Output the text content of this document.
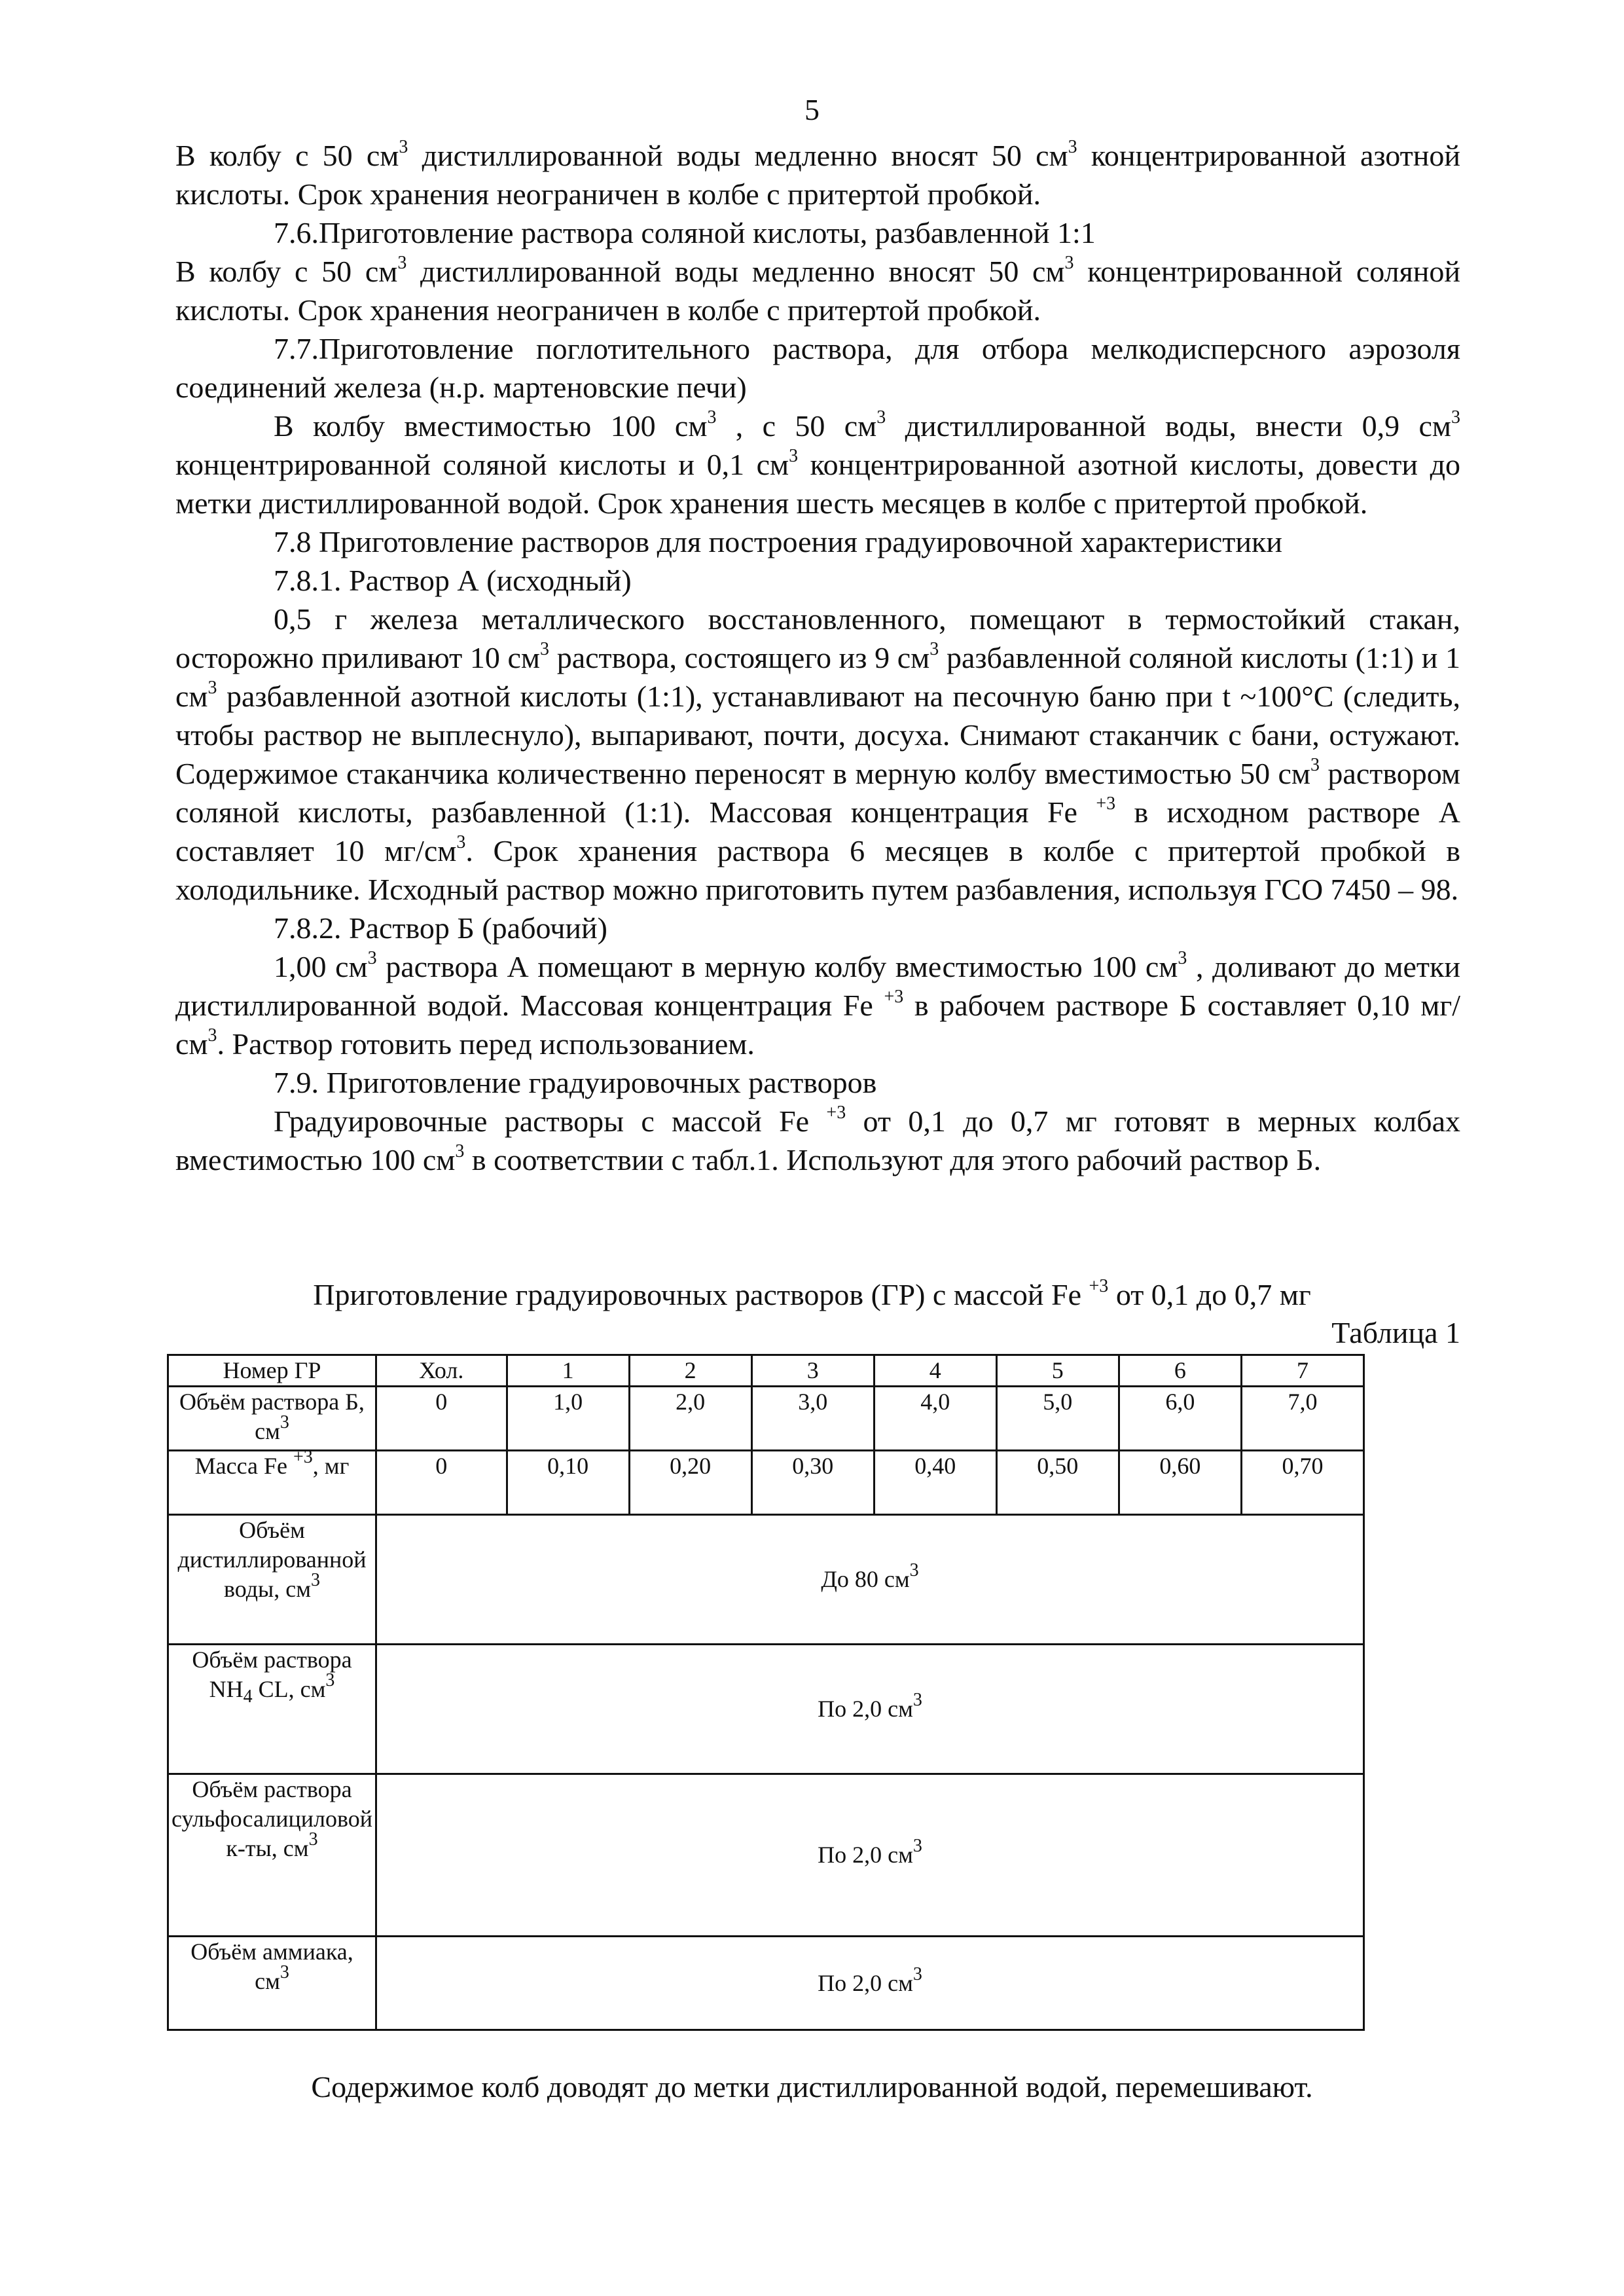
5

В колбу с 50 $см^3$ дистиллированной воды медленно вносят 50 $см^3$ концентрированной азотной кислоты. Срок хранения неограничен в колбе с притертой пробкой.

7.6.Приготовление раствора соляной кислоты, разбавленной 1:1

В колбу с 50 $см^3$ дистиллированной воды медленно вносят 50 $см^3$ концентрированной соляной кислоты. Срок хранения неограничен в колбе с притертой пробкой.

7.7.Приготовление поглотительного раствора, для отбора мелкодисперсного аэрозоля соединений железа (н.р. мартеновские печи)

В колбу вместимостью 100 $см^3$ , с 50 $см^3$ дистиллированной воды, внести 0,9 $см^3$ концентрированной соляной кислоты и 0,1 $см^3$ концентрированной азотной кислоты, довести до метки дистиллированной водой. Срок хранения шесть месяцев в колбе с притертой пробкой.

7.8 Приготовление растворов для построения градуировочной характеристики

7.8.1. Раствор А (исходный)

0,5 г железа металлического восстановленного, помещают в термостойкий стакан, осторожно приливают 10 $см^3$ раствора, состоящего из 9 $см^3$ разбавленной соляной кислоты (1:1) и 1 $см^3$ разбавленной азотной кислоты (1:1), устанавливают на песочную баню при t ~100°С (следить, чтобы раствор не выплеснуло), выпаривают, почти, досуха. Снимают стаканчик с бани, остужают. Содержимое стаканчика количественно переносят в мерную колбу вместимостью 50 $см^3$ раствором соляной кислоты, разбавленной (1:1). Массовая концентрация Fe $^{+3}$ в исходном растворе А составляет 10 $мг/см^3$. Срок хранения раствора 6 месяцев в колбе с притертой пробкой в холодильнике. Исходный раствор можно приготовить путем разбавления, используя ГСО 7450 – 98.

7.8.2. Раствор Б (рабочий)

1,00 $см^3$ раствора А помещают в мерную колбу вместимостью 100 $см^3$ , доливают до метки дистиллированной водой. Массовая концентрация Fe $^{+3}$ в рабочем растворе Б составляет 0,10 $мг/см^3$. Раствор готовить перед использованием.

7.9. Приготовление градуировочных растворов

Градуировочные растворы с массой Fe $^{+3}$ от 0,1 до 0,7 мг готовят в мерных колбах вместимостью 100 $см^3$ в соответствии с табл.1. Используют для этого рабочий раствор Б.

Приготовление градуировочных растворов (ГР) с массой Fe $^{+3}$ от 0,1 до 0,7 мг
Таблица 1
Номер ГР	Хол.	1	2	3	4	5	6	7
Объём раствора Б, $см^3$	0	1,0	2,0	3,0	4,0	5,0	6,0	7,0
Масса Fe $^{+3}$, мг	0	0,10	0,20	0,30	0,40	0,50	0,60	0,70
Объём дистиллированной воды, $см^3$	До 80 $см^3$
Объём раствора $NH_4$ CL, $см^3$	По 2,0 $см^3$
Объём раствора сульфосалициловой к-ты, $см^3$	По 2,0 $см^3$
Объём аммиака, $см^3$	По 2,0 $см^3$
Содержимое колб доводят до метки дистиллированной водой, перемешивают.
